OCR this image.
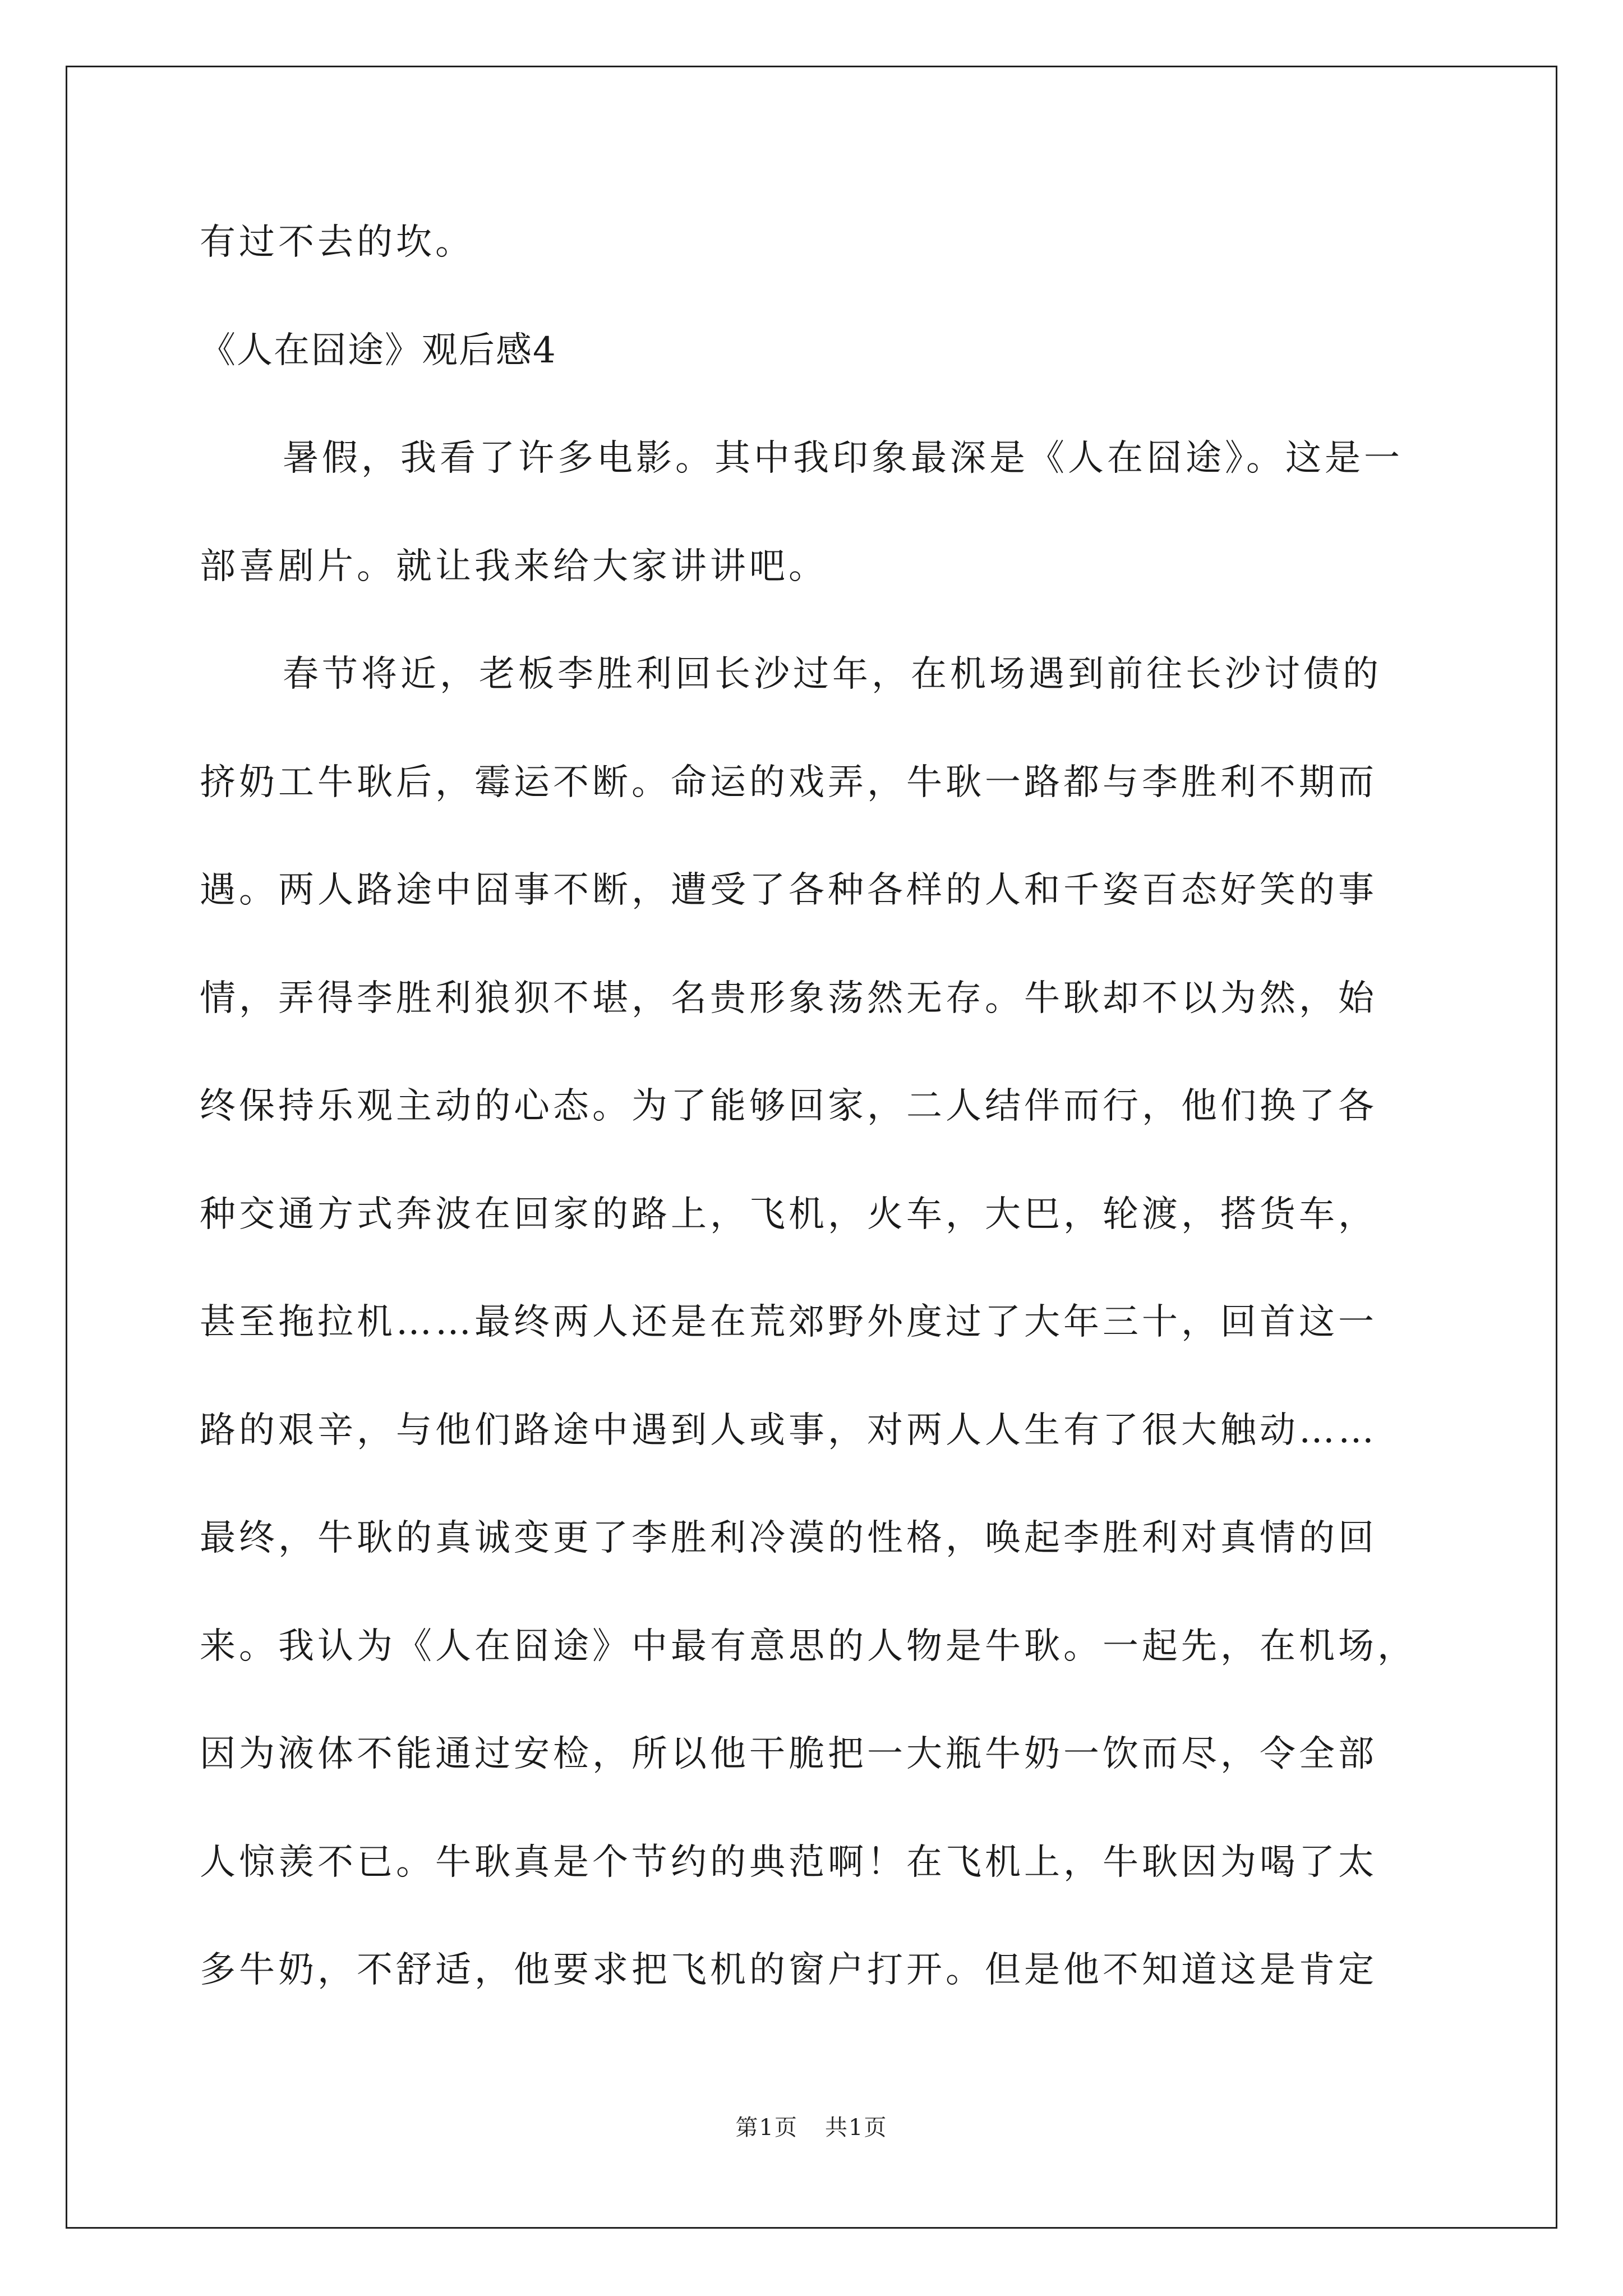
有过不去的坎。
《人在囧途》观后感4
暑假，我看了许多电影。其中我印象最深是《人在囧途》。这是一
部喜剧片。就让我来给大家讲讲吧。
春节将近，老板李胜利回长沙过年，在机场遇到前往长沙讨债的
挤奶工牛耿后，霉运不断。命运的戏弄，牛耿一路都与李胜利不期而
遇。两人路途中囧事不断，遭受了各种各样的人和千姿百态好笑的事
情，弄得李胜利狼狈不堪，名贵形象荡然无存。牛耿却不以为然，始
终保持乐观主动的心态。为了能够回家，二人结伴而行，他们换了各
种交通方式奔波在回家的路上，飞机，火车，大巴，轮渡，搭货车，
甚至拖拉机……最终两人还是在荒郊野外度过了大年三十，回首这一
路的艰辛，与他们路途中遇到人或事，对两人人生有了很大触动……
最终，牛耿的真诚变更了李胜利冷漠的性格，唤起李胜利对真情的回
来。我认为《人在囧途》中最有意思的人物是牛耿。一起先，在机场，
因为液体不能通过安检，所以他干脆把一大瓶牛奶一饮而尽，令全部
人惊羡不已。牛耿真是个节约的典范啊！在飞机上，牛耿因为喝了太
多牛奶，不舒适，他要求把飞机的窗户打开。但是他不知道这是肯定
第1页 共1页
